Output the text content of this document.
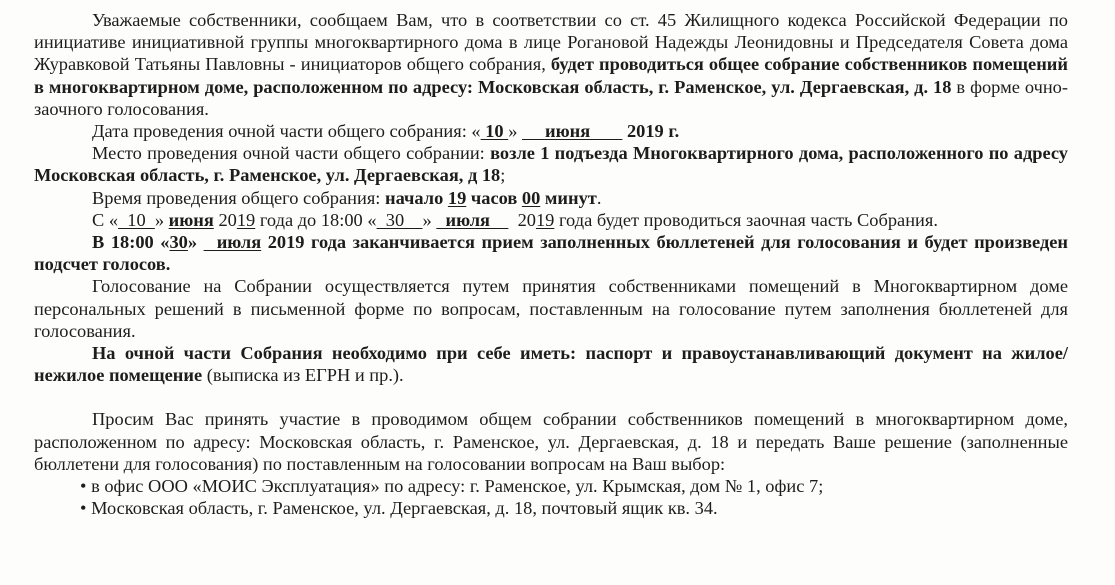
Уважаемые собственники, сообщаем Вам, что в соответствии со ст. 45 Жилищного кодекса Российской Федерации по инициативе инициативной группы многоквартирного дома в лице Рогановой Надежды Леонидовны и Председателя Совета дома Журавковой Татьяны Павловны - инициаторов общего собрания, будет проводиться общее собрание собственников помещений в многоквартирном доме, расположенном по адресу: Московская область, г. Раменское, ул. Дергаевская, д. 18 в форме очно-заочного голосования.

Дата проведения очной части общего собрания: « 10 »      июня        2019 г.

Место проведения очной части общего собрании: возле 1 подъезда Многоквартирного дома, расположенного по адресу Московская область, г. Раменское, ул. Дергаевская, д 18;

Время проведения общего собрания: начало 19 часов 00 минут.

С «  10  » июня 2019 года до 18:00 «  30    »   июля      2019 года будет проводиться заочная часть Собрания.

В 18:00 «30»   июля 2019 года заканчивается прием заполненных бюллетеней для голосования и будет произведен подсчет голосов.

Голосование на Собрании осуществляется путем принятия собственниками помещений в Многоквартирном доме персональных решений в письменной форме по вопросам, поставленным на голосование путем заполнения бюллетеней для голосования.

На очной части Собрания необходимо при себе иметь: паспорт и правоустанавливающий документ на жилое/нежилое помещение (выписка из ЕГРН и пр.).

Просим Вас принять участие в проводимом общем собрании собственников помещений в многоквартирном доме, расположенном по адресу: Московская область, г. Раменское, ул. Дергаевская, д. 18 и передать Ваше решение (заполненные бюллетени для голосования) по поставленным на голосовании вопросам на Ваш выбор:

• в офис ООО «МОИС Эксплуатация» по адресу: г. Раменское, ул. Крымская, дом № 1, офис 7;

• Московская область, г. Раменское, ул. Дергаевская, д. 18, почтовый ящик кв. 34.
